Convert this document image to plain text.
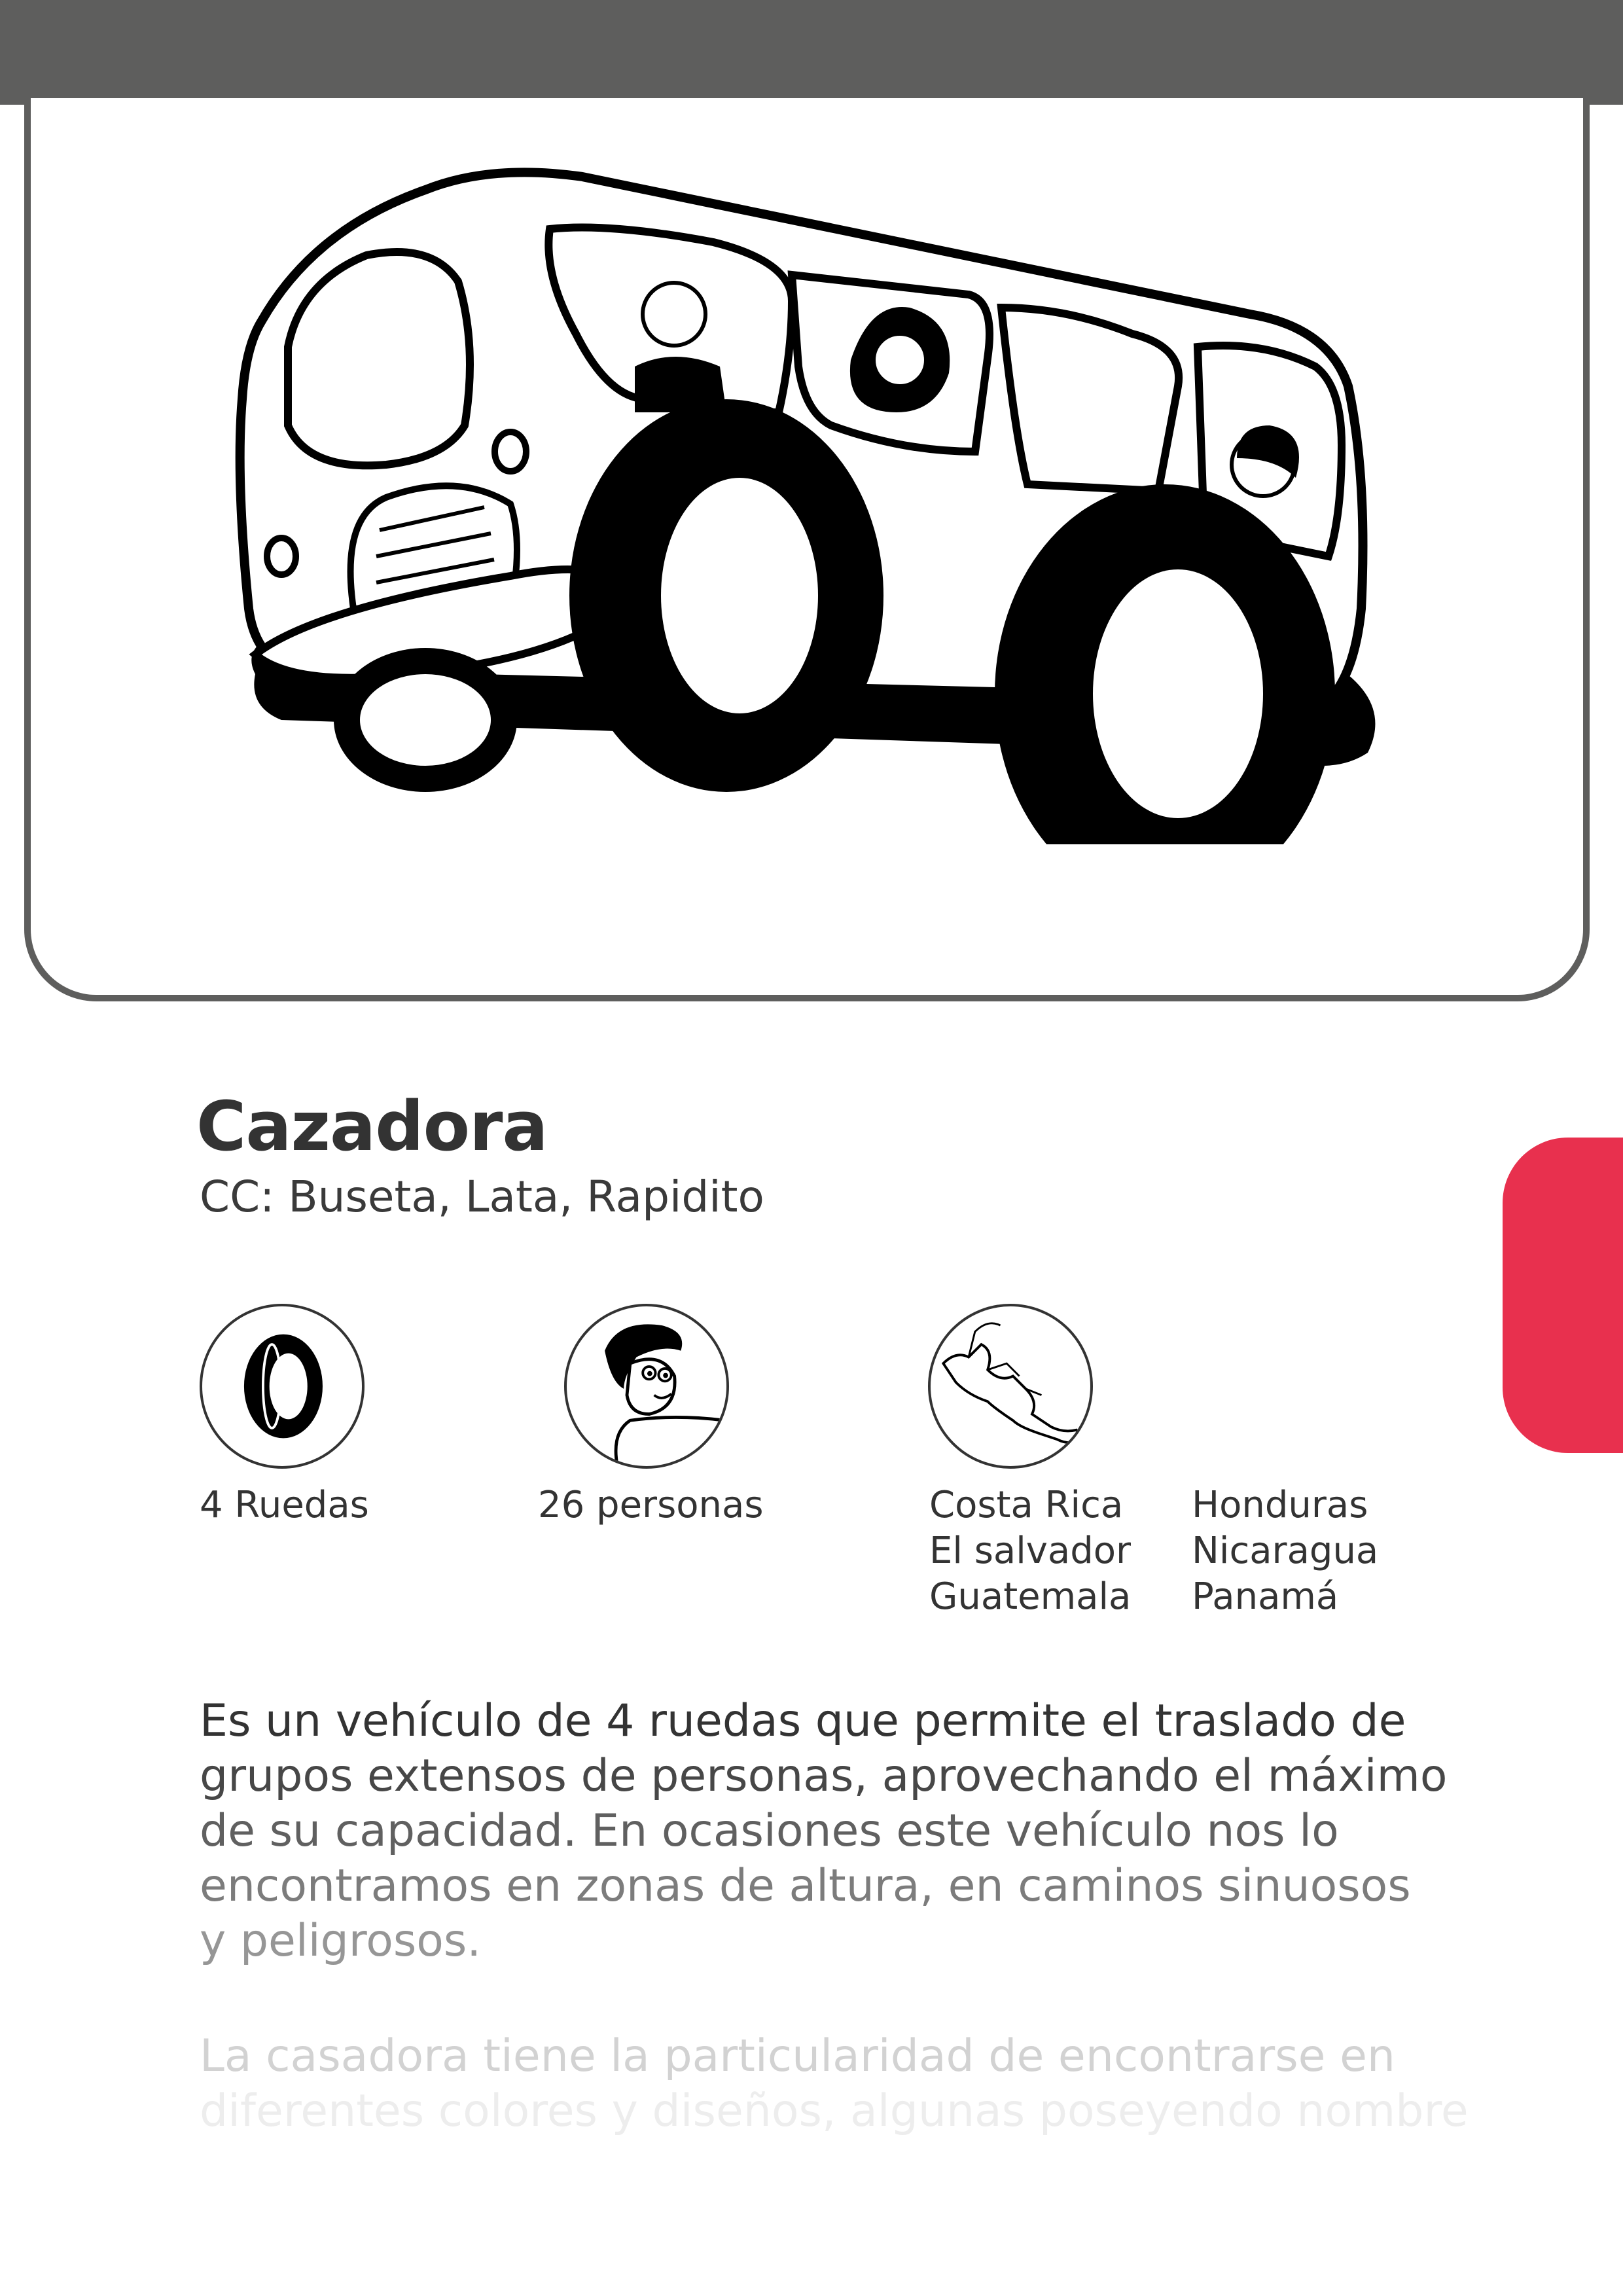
Cazadora
CC: Buseta, Lata, Rapidito
4 Ruedas	26 personas	Costa Rica
El salvador
Guatemala
Honduras
Nicaragua
Panamá
Es un vehículo de 4 ruedas que permite el traslado de
grupos extensos de personas, aprovechando el máximo
de su capacidad. En ocasiones este vehículo nos lo
encontramos en zonas de altura, en caminos sinuosos
y peligrosos.
La casadora tiene la particularidad de encontrarse en
diferentes colores y diseños, algunas poseyendo nombre
